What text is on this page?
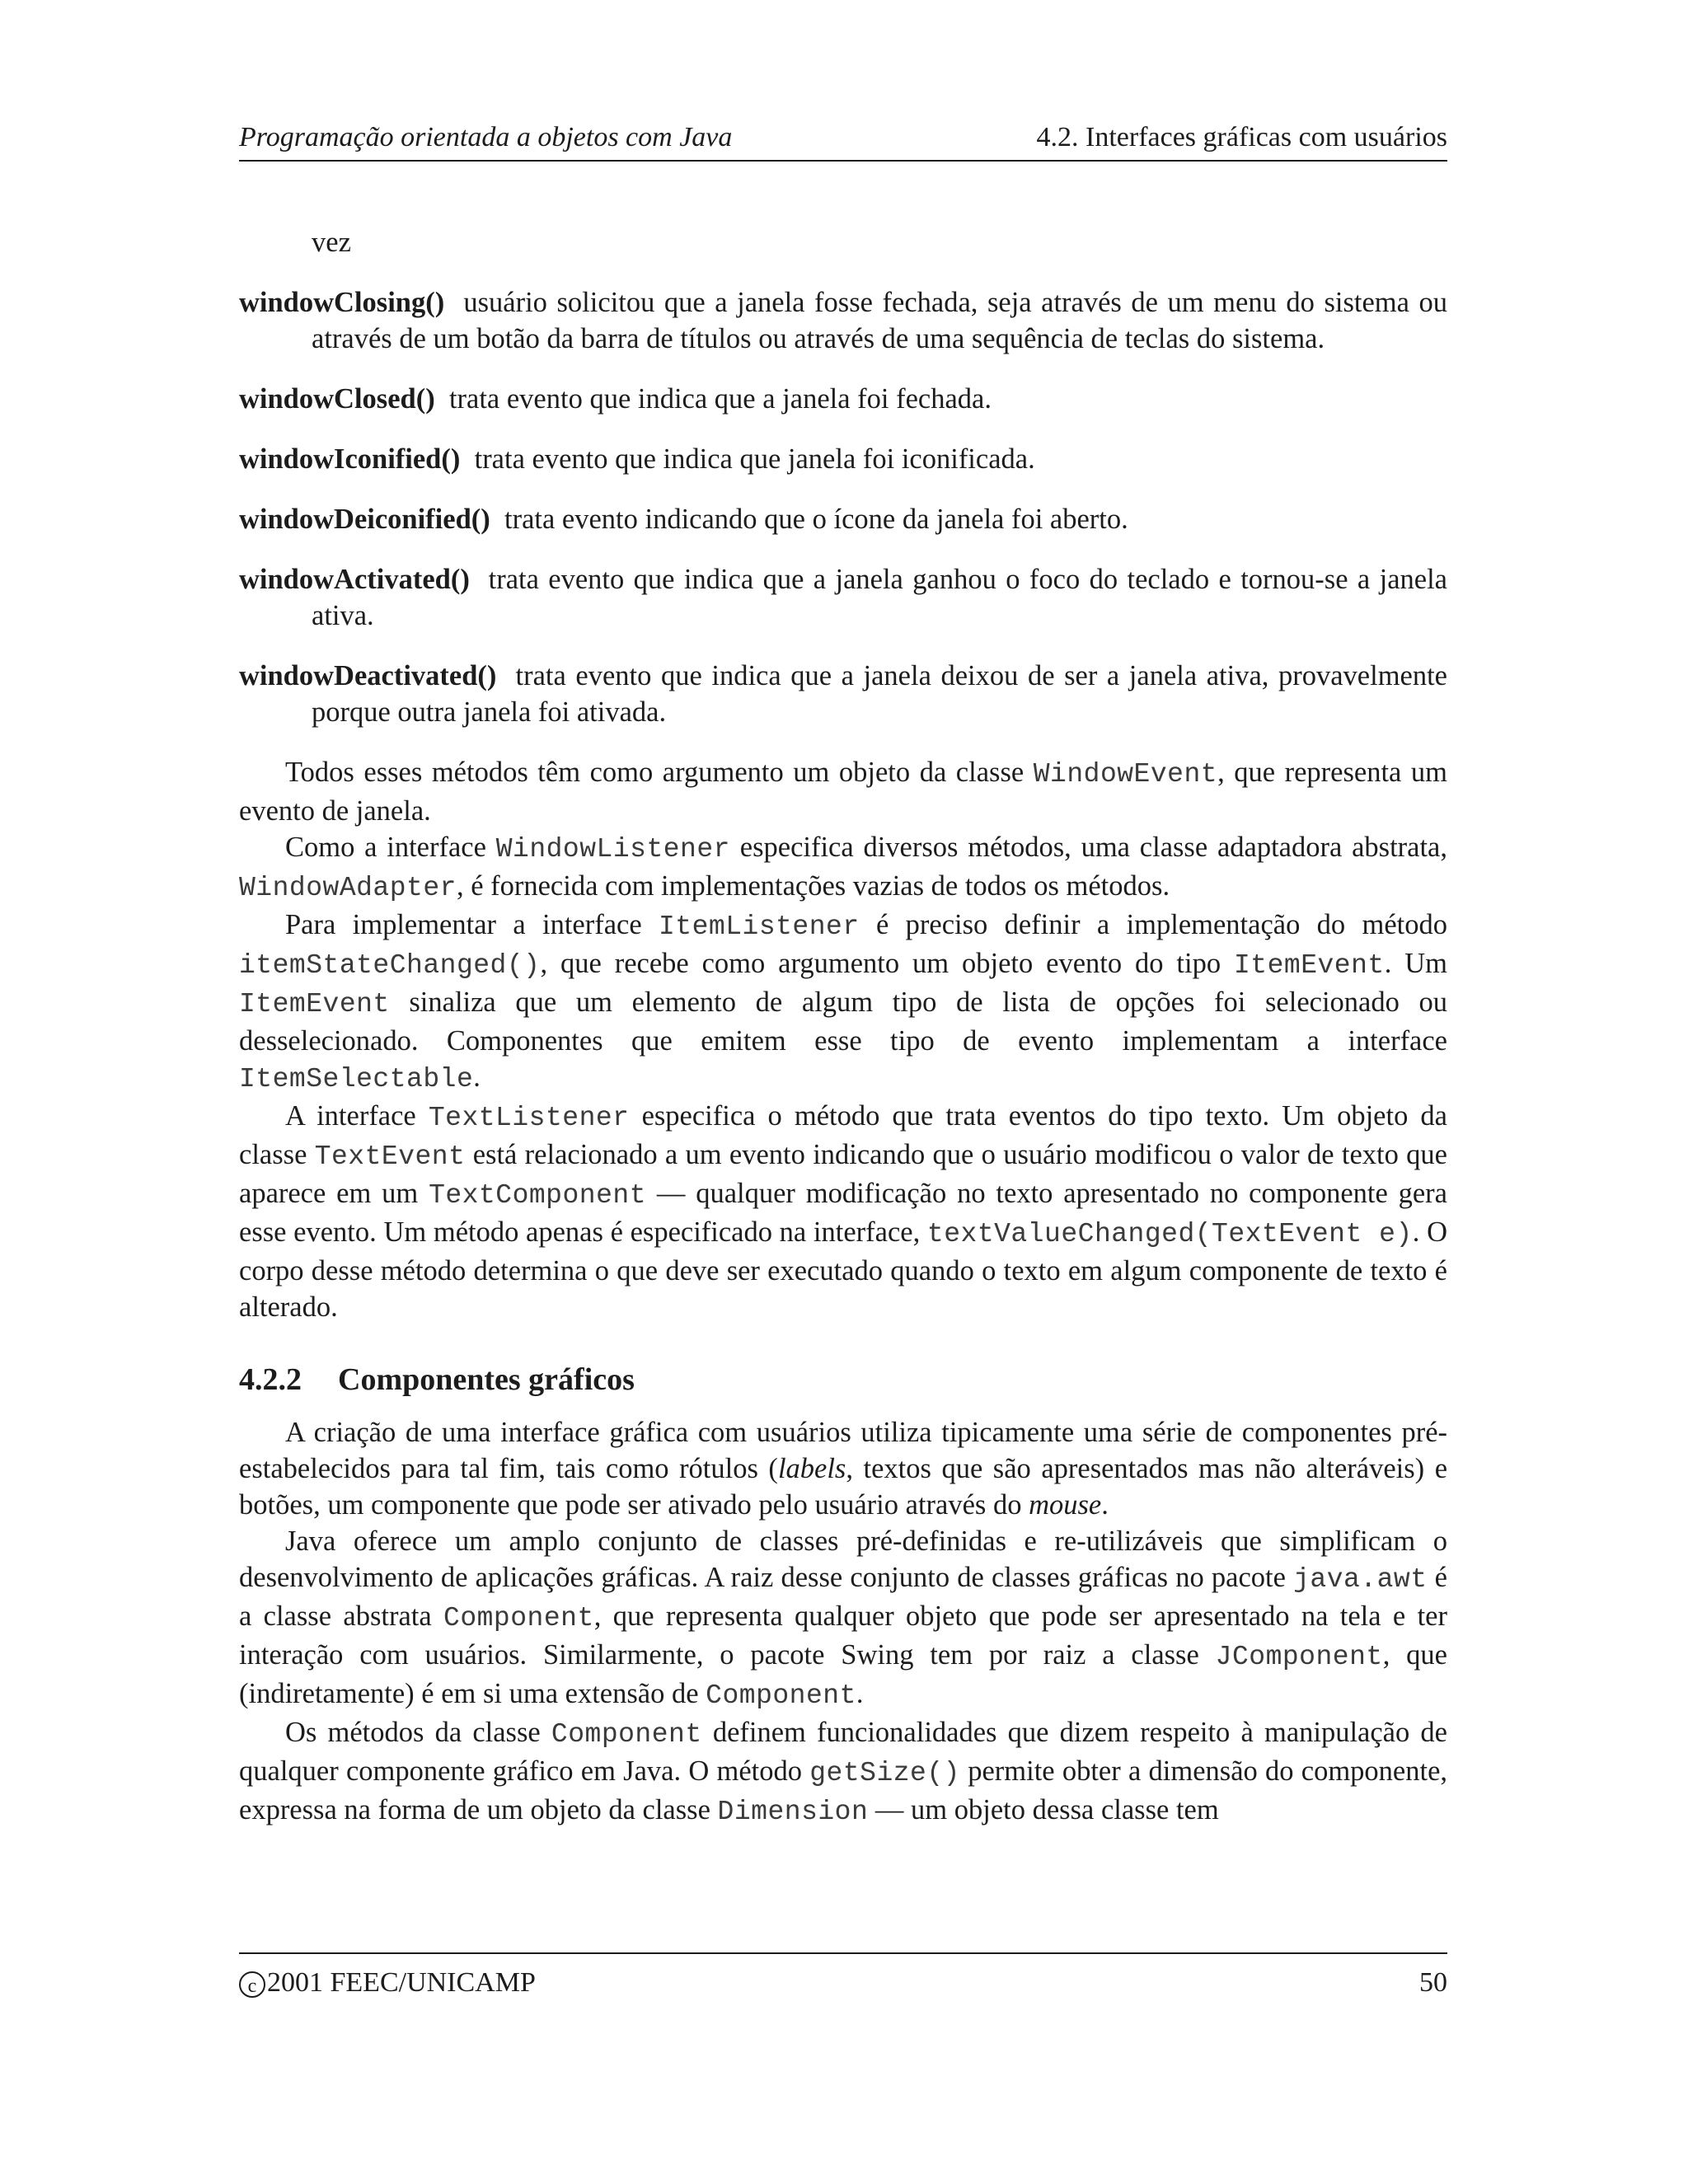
Programação orientada a objetos com Java	4.2. Interfaces gráficas com usuários
vez
windowClosing() usuário solicitou que a janela fosse fechada, seja através de um menu do sistema ou através de um botão da barra de títulos ou através de uma sequência de teclas do sistema.
windowClosed() trata evento que indica que a janela foi fechada.
windowIconified() trata evento que indica que janela foi iconificada.
windowDeiconified() trata evento indicando que o ícone da janela foi aberto.
windowActivated() trata evento que indica que a janela ganhou o foco do teclado e tornou-se a janela ativa.
windowDeactivated() trata evento que indica que a janela deixou de ser a janela ativa, provavelmente porque outra janela foi ativada.

Todos esses métodos têm como argumento um objeto da classe WindowEvent, que representa um evento de janela.

Como a interface WindowListener especifica diversos métodos, uma classe adaptadora abstrata, WindowAdapter, é fornecida com implementações vazias de todos os métodos.

Para implementar a interface ItemListener é preciso definir a implementação do método itemStateChanged(), que recebe como argumento um objeto evento do tipo ItemEvent. Um ItemEvent sinaliza que um elemento de algum tipo de lista de opções foi selecionado ou desselecionado. Componentes que emitem esse tipo de evento implementam a interface ItemSelectable.

A interface TextListener especifica o método que trata eventos do tipo texto. Um objeto da classe TextEvent está relacionado a um evento indicando que o usuário modificou o valor de texto que aparece em um TextComponent — qualquer modificação no texto apresentado no componente gera esse evento. Um método apenas é especificado na interface, textValueChanged(TextEvent e). O corpo desse método determina o que deve ser executado quando o texto em algum componente de texto é alterado.

4.2.2 Componentes gráficos

A criação de uma interface gráfica com usuários utiliza tipicamente uma série de componentes pré-estabelecidos para tal fim, tais como rótulos (labels, textos que são apresentados mas não alteráveis) e botões, um componente que pode ser ativado pelo usuário através do mouse.

Java oferece um amplo conjunto de classes pré-definidas e re-utilizáveis que simplificam o desenvolvimento de aplicações gráficas. A raiz desse conjunto de classes gráficas no pacote java.awt é a classe abstrata Component, que representa qualquer objeto que pode ser apresentado na tela e ter interação com usuários. Similarmente, o pacote Swing tem por raiz a classe JComponent, que (indiretamente) é em si uma extensão de Component.

Os métodos da classe Component definem funcionalidades que dizem respeito à manipulação de qualquer componente gráfico em Java. O método getSize() permite obter a dimensão do componente, expressa na forma de um objeto da classe Dimension — um objeto dessa classe tem

c 2001 FEEC/UNICAMP	50
